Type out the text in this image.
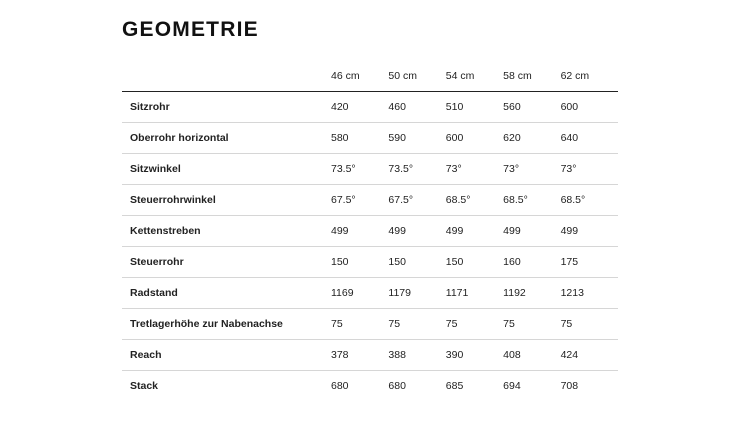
GEOMETRIE
	46 cm	50 cm	54 cm	58 cm	62 cm
Sitzrohr	420	460	510	560	600
Oberrohr horizontal	580	590	600	620	640
Sitzwinkel	73.5°	73.5°	73°	73°	73°
Steuerrohrwinkel	67.5°	67.5°	68.5°	68.5°	68.5°
Kettenstreben	499	499	499	499	499
Steuerrohr	150	150	150	160	175
Radstand	1169	1179	1171	1192	1213
Tretlagerhöhe zur Nabenachse	75	75	75	75	75
Reach	378	388	390	408	424
Stack	680	680	685	694	708
